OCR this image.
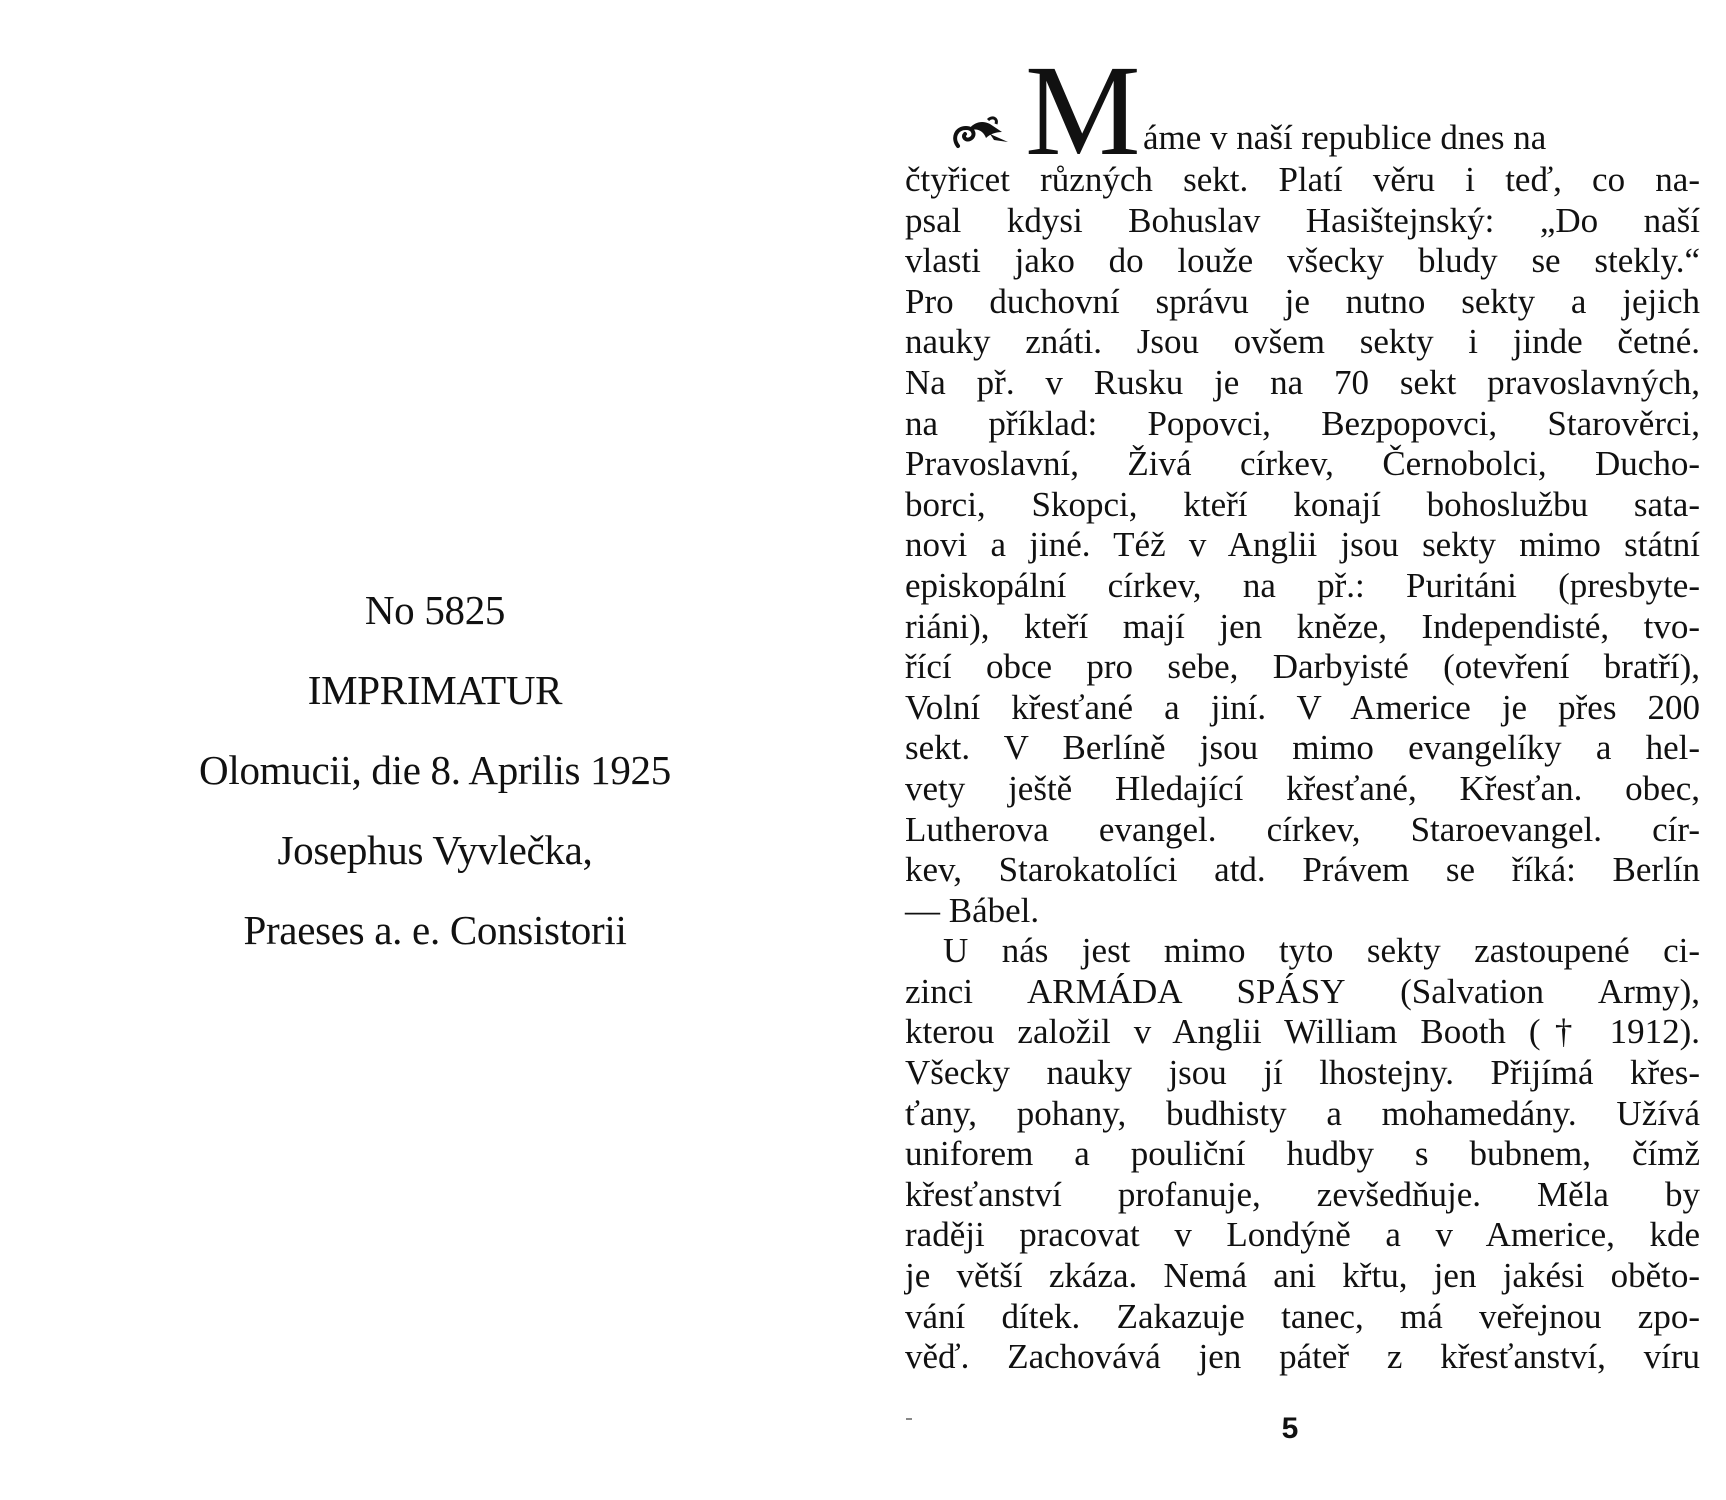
No 5825
IMPRIMATUR
Olomucii, die 8. Aprilis 1925
Josephus Vyvlečka,
Praeses a. e. Consistorii
M áme v naší republice dnes na
čtyřicet různých sekt. Platí věru i teď, co na-
psal kdysi Bohuslav Hasištejnský: „Do naší
vlasti jako do louže všecky bludy se stekly.“
Pro duchovní správu je nutno sekty a jejich
nauky znáti. Jsou ovšem sekty i jinde četné.
Na př. v Rusku je na 70 sekt pravoslavných,
na příklad: Popovci, Bezpopovci, Starověrci,
Pravoslavní, Živá církev, Černobolci, Ducho-
borci, Skopci, kteří konají bohoslužbu sata-
novi a jiné. Též v Anglii jsou sekty mimo státní
episkopální církev, na př.: Puritáni (presbyte-
riáni), kteří mají jen kněze, Independisté, tvo-
řící obce pro sebe, Darbyisté (otevření bratří),
Volní křesťané a jiní. V Americe je přes 200
sekt. V Berlíně jsou mimo evangelíky a hel-
vety ještě Hledající křesťané, Křesťan. obec,
Lutherova evangel. církev, Staroevangel. cír-
kev, Starokatolíci atd. Právem se říká: Berlín
— Bábel.
U nás jest mimo tyto sekty zastoupené ci-
zinci ARMÁDA SPÁSY (Salvation Army),
kterou založil v Anglii William Booth († 1912).
Všecky nauky jsou jí lhostejny. Přijímá křes-
ťany, pohany, budhisty a mohamedány. Užívá
uniforem a pouliční hudby s bubnem, čímž
křesťanství profanuje, zevšedňuje. Měla by
raději pracovat v Londýně a v Americe, kde
je větší zkáza. Nemá ani křtu, jen jakési oběto-
vání dítek. Zakazuje tanec, má veřejnou zpo-
věď. Zachovává jen páteř z křesťanství, víru
5
